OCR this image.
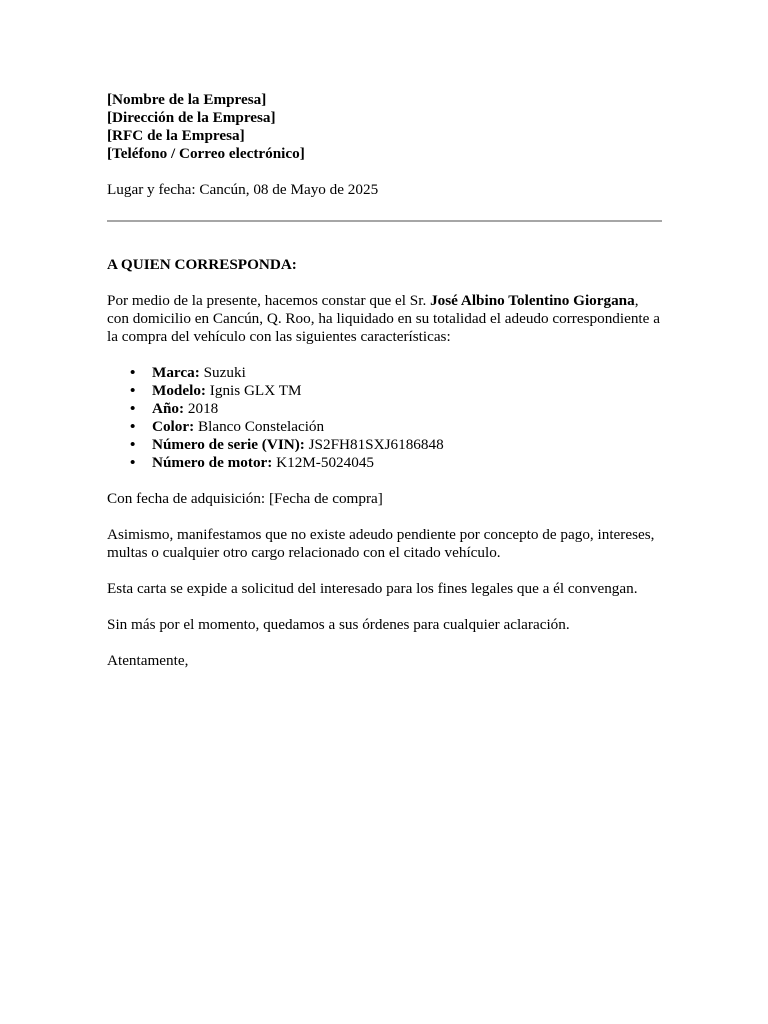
[Nombre de la Empresa]
[Dirección de la Empresa]
[RFC de la Empresa]
[Teléfono / Correo electrónico]

Lugar y fecha: Cancún, 08 de Mayo de 2025

A QUIEN CORRESPONDA:

Por medio de la presente, hacemos constar que el Sr. José Albino Tolentino Giorgana, con domicilio en Cancún, Q. Roo, ha liquidado en su totalidad el adeudo correspondiente a la compra del vehículo con las siguientes características:

• Marca: Suzuki
• Modelo: Ignis GLX TM
• Año: 2018
• Color: Blanco Constelación
• Número de serie (VIN): JS2FH81SXJ6186848
• Número de motor: K12M-5024045

Con fecha de adquisición: [Fecha de compra]

Asimismo, manifestamos que no existe adeudo pendiente por concepto de pago, intereses, multas o cualquier otro cargo relacionado con el citado vehículo.

Esta carta se expide a solicitud del interesado para los fines legales que a él convengan.

Sin más por el momento, quedamos a sus órdenes para cualquier aclaración.

Atentamente,
